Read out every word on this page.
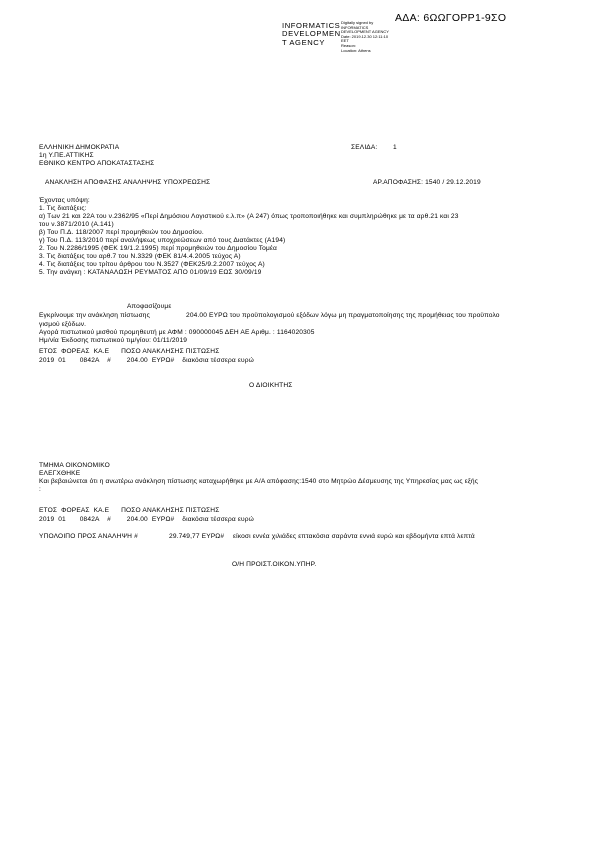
ΑΔΑ: 6ΩΩΓΟΡΡ1-9ΣΟ
INFORMATICS
DEVELOPMEN
T AGENCY
Digitally signed by
INFORMATICS
DEVELOPMENT AGENCY
Date: 2019.12.30 12:11:10
EET
Reason:
Location: Athens
ΕΛΛΗΝΙΚΗ ΔΗΜΟΚΡΑΤΙΑ
1η Υ.ΠΕ.ΑΤΤΙΚΗΣ
ΕΘΝΙΚΟ ΚΕΝΤΡΟ ΑΠΟΚΑΤΑΣΤΑΣΗΣ
ΣΕΛΙΔΑ: 1
ΑΝΑΚΛΗΣΗ ΑΠΟΦΑΣΗΣ ΑΝΑΛΗΨΗΣ ΥΠΟΧΡΕΩΣΗΣ	ΑΡ.ΑΠΟΦΑΣΗΣ: 1540 / 29.12.2019
Έχοντας υπόψη:
1. Τις διατάξεις:
α) Των 21 και 22Α του ν.2362/95 «Περί Δημόσιου Λογιστικού ε.λ.π» (Α 247) όπως τροποποιήθηκε και συμπληρώθηκε με τα αρθ.21 και 23
του ν.3871/2010 (Α.141)
β) Του Π.Δ. 118/2007 περί προμηθειών του Δημοσίου.
γ) Του Π.Δ. 113/2010 περί αναλήψεως υποχρεώσεων από τους Διατάκτες (Α194)
2. Του Ν.2286/1995 (ΦΕΚ 19/1.2.1995) περί προμηθειών του Δημοσίου Τομέα
3. Τις διατάξεις του αρθ.7 του Ν.3329 (ΦΕΚ 81/4.4.2005 τεύχος Α)
4. Τις διατάξεις του τρίτου άρθρου του Ν.3527 (ΦΕΚ25/9.2.2007 τεύχος Α)
5. Την ανάγκη : ΚΑΤΑΝΑΛΩΣΗ ΡΕΥΜΑΤΟΣ ΑΠΟ 01/09/19 ΕΩΣ 30/09/19
Αποφασίζουμε
Εγκρίνουμε την ανάκληση πίστωσης	204.00 ΕΥΡΩ του προϋπολογισμού εξόδων λόγω μη πραγματοποίησης της προμήθειας του προϋπολο
γισμού εξόδων.
Αγορά πιστωτικού μισθού προμηθευτή με ΑΦΜ : 090000045 ΔΕΗ ΑΕ Αριθμ. : 1164020305
Ημ/νία Έκδοσης πιστωτικού τιμ/γίου: 01/11/2019
ΕΤΟΣ  ΦΟΡΕΑΣ  ΚΑ.Ε      ΠΟΣΟ ΑΝΑΚΛΗΣΗΣ ΠΙΣΤΩΣΗΣ
2019  01       0842Α    #        204.00  ΕΥΡΩ#    διακόσια τέσσερα ευρώ
Ο ΔΙΟΙΚΗΤΗΣ
ΤΜΗΜΑ ΟΙΚΟΝΟΜΙΚΟ
ΕΛΕΓΧΘΗΚΕ
Και βεβαιώνεται ότι η ανωτέρω ανάκληση πίστωσης καταχωρήθηκε με Α/Α απόφασης:1540 στο Μητρώο Δέσμευσης της Υπηρεσίας μας ως εξής
:
ΕΤΟΣ  ΦΟΡΕΑΣ  ΚΑ.Ε      ΠΟΣΟ ΑΝΑΚΛΗΣΗΣ ΠΙΣΤΩΣΗΣ
2019  01       0842Α    #        204.00  ΕΥΡΩ#    διακόσια τέσσερα ευρώ
ΥΠΟΛΟΙΠΟ ΠΡΟΣ ΑΝΑΛΗΨΗ #	29.749,77 ΕΥΡΩ# είκοσι εννέα χιλιάδες επτακόσια σαράντα εννιά ευρώ και εβδομήντα επτά λεπτά
Ο/Η ΠΡΟΙΣΤ.ΟΙΚΟΝ.ΥΠΗΡ.
